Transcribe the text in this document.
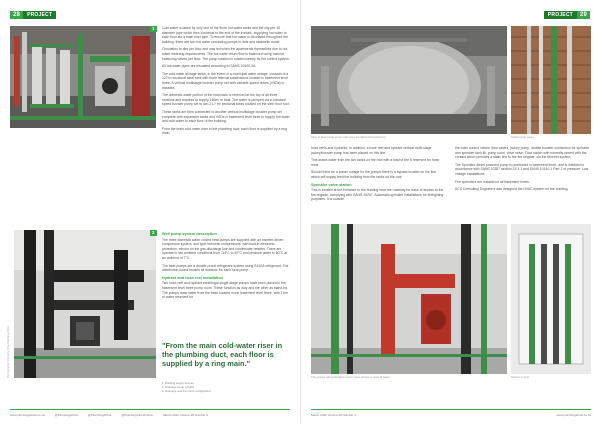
28	PROJECT
1	Cold water is taken by only one of the three hot water tanks and the city pre 16 diameter pipe which then connects to the end of the frontals, supplying hot water to each floor via a main riser pipe. To ensure that hot water is circulated throughout the building, there are two hot water circulating pumps in dots and stairwells mode.

Circulation to dirs per floor and was led when the apartments themselves due to hot water metering requirements. The hot water return flow is balanced using manual balancing valves per floor. The pump rotation is rotated weekly by the control system.

All hot water pipes are insulated according to SANS 10400 XA.

The cold-water storage tanks, in the event of a municipal water outage, consists of a 127m³ sectional steel tank with three internal subdivisions located in basement level three. A vertical multistage booster pump set with variable speed drives (VSDs) is installed.

The domestic water portion of the main tank is reserved at the top of all three sections and requires to supply 165m³ in total. The water is pumped via a constant speed booster pump set to two 21.7 m³ sectional tanks located on the sixth floor roof.

These tanks are then connected to another vertical multistage booster pump set complete with expansion tanks and VSDs in basement level three to supply hot water and cold water to each floor of the building.

From the main cold-water riser in the plumbing duct, each floor is supplied by a ring main.

2
Photographer: Photo by RSA Plumbing Africa
Well pump system description

The three domestic water cooled heat pumps are supplied with an inverter-driven compressor system, and type hermetic compressors, with built-in electronic protection, elector on the gas discharge line and condensate heaters. There are operate in low ambient conditions from -14°C to 40°C and produce water to 60°C at an ambient of 7°C.

The heat pumps are a double circuit refrigerant system using R410A refrigerant. The distribution board houses all isolators for each heat pump.

Hydrant and hose reel installation

Two hose reel and hydrant centrifugal single-stage pumps have been placed in the basement level three pump room. These function as duty and the other as stand-by. The pumps draw water from the base located in the basement level three, with 1 lm³ of water reserved for

"From the main cold-water riser in the plumbing duct, each floor is supplied by a ring main."
1. Building supply booster
2. Drainage sump cylinder
3. Drainage and the pump configuration
www.plumbingafrica.co.za	@PlumbingAfrica	@PlumbingAfrica	@PlumbingAfricaOnline	March 2022 Volume 28 Number 3
PROJECT	29
View of fewer heat pump units (top) and lift/machine(bottom).	Shaft supply pipes.

hose reels and hydrants. In addition, a hose reel and hydrant vertical multi-stage jockey/booster pump has been placed on this line.

This draws water from the two tanks on the roof with a total of the 6 reserved for hose reels.

Should there be a power outage for the pumps there is a bypass located on the line which will supply feed the building from the tanks on the roof.

Sprinkler valve station

This is located at the entrance to the building near the roadway for ease of access to the fire brigade, complying with SANS 10287. Automatic sprinkler installations for firefighting purposes. It is outside

the main control valves, flow valves, jockey pump, double booster connection for sprinkler and sprinkler tank fill, pump room, drive valve. Flow switch with normally closed with the contact which provides a static line to the fire brigade, via the fibrenet system.

The Sprinkler diesel powered pump is positioned in basement three, and is installed in accordance with SANS 10287 section 15.3.1 and SANS 10140-1 Part 1 of pressure, Low voltage installations.

Fire sprinklers are installed in all basement levels.

ACS Consulting Engineers was designed the HVAC system for the building.

The pumps with dedicated copper pipes shown in case of water.	Dakota in duct.
March 2022 Volume 28 Number 3	www.plumbingafrica.co.za
